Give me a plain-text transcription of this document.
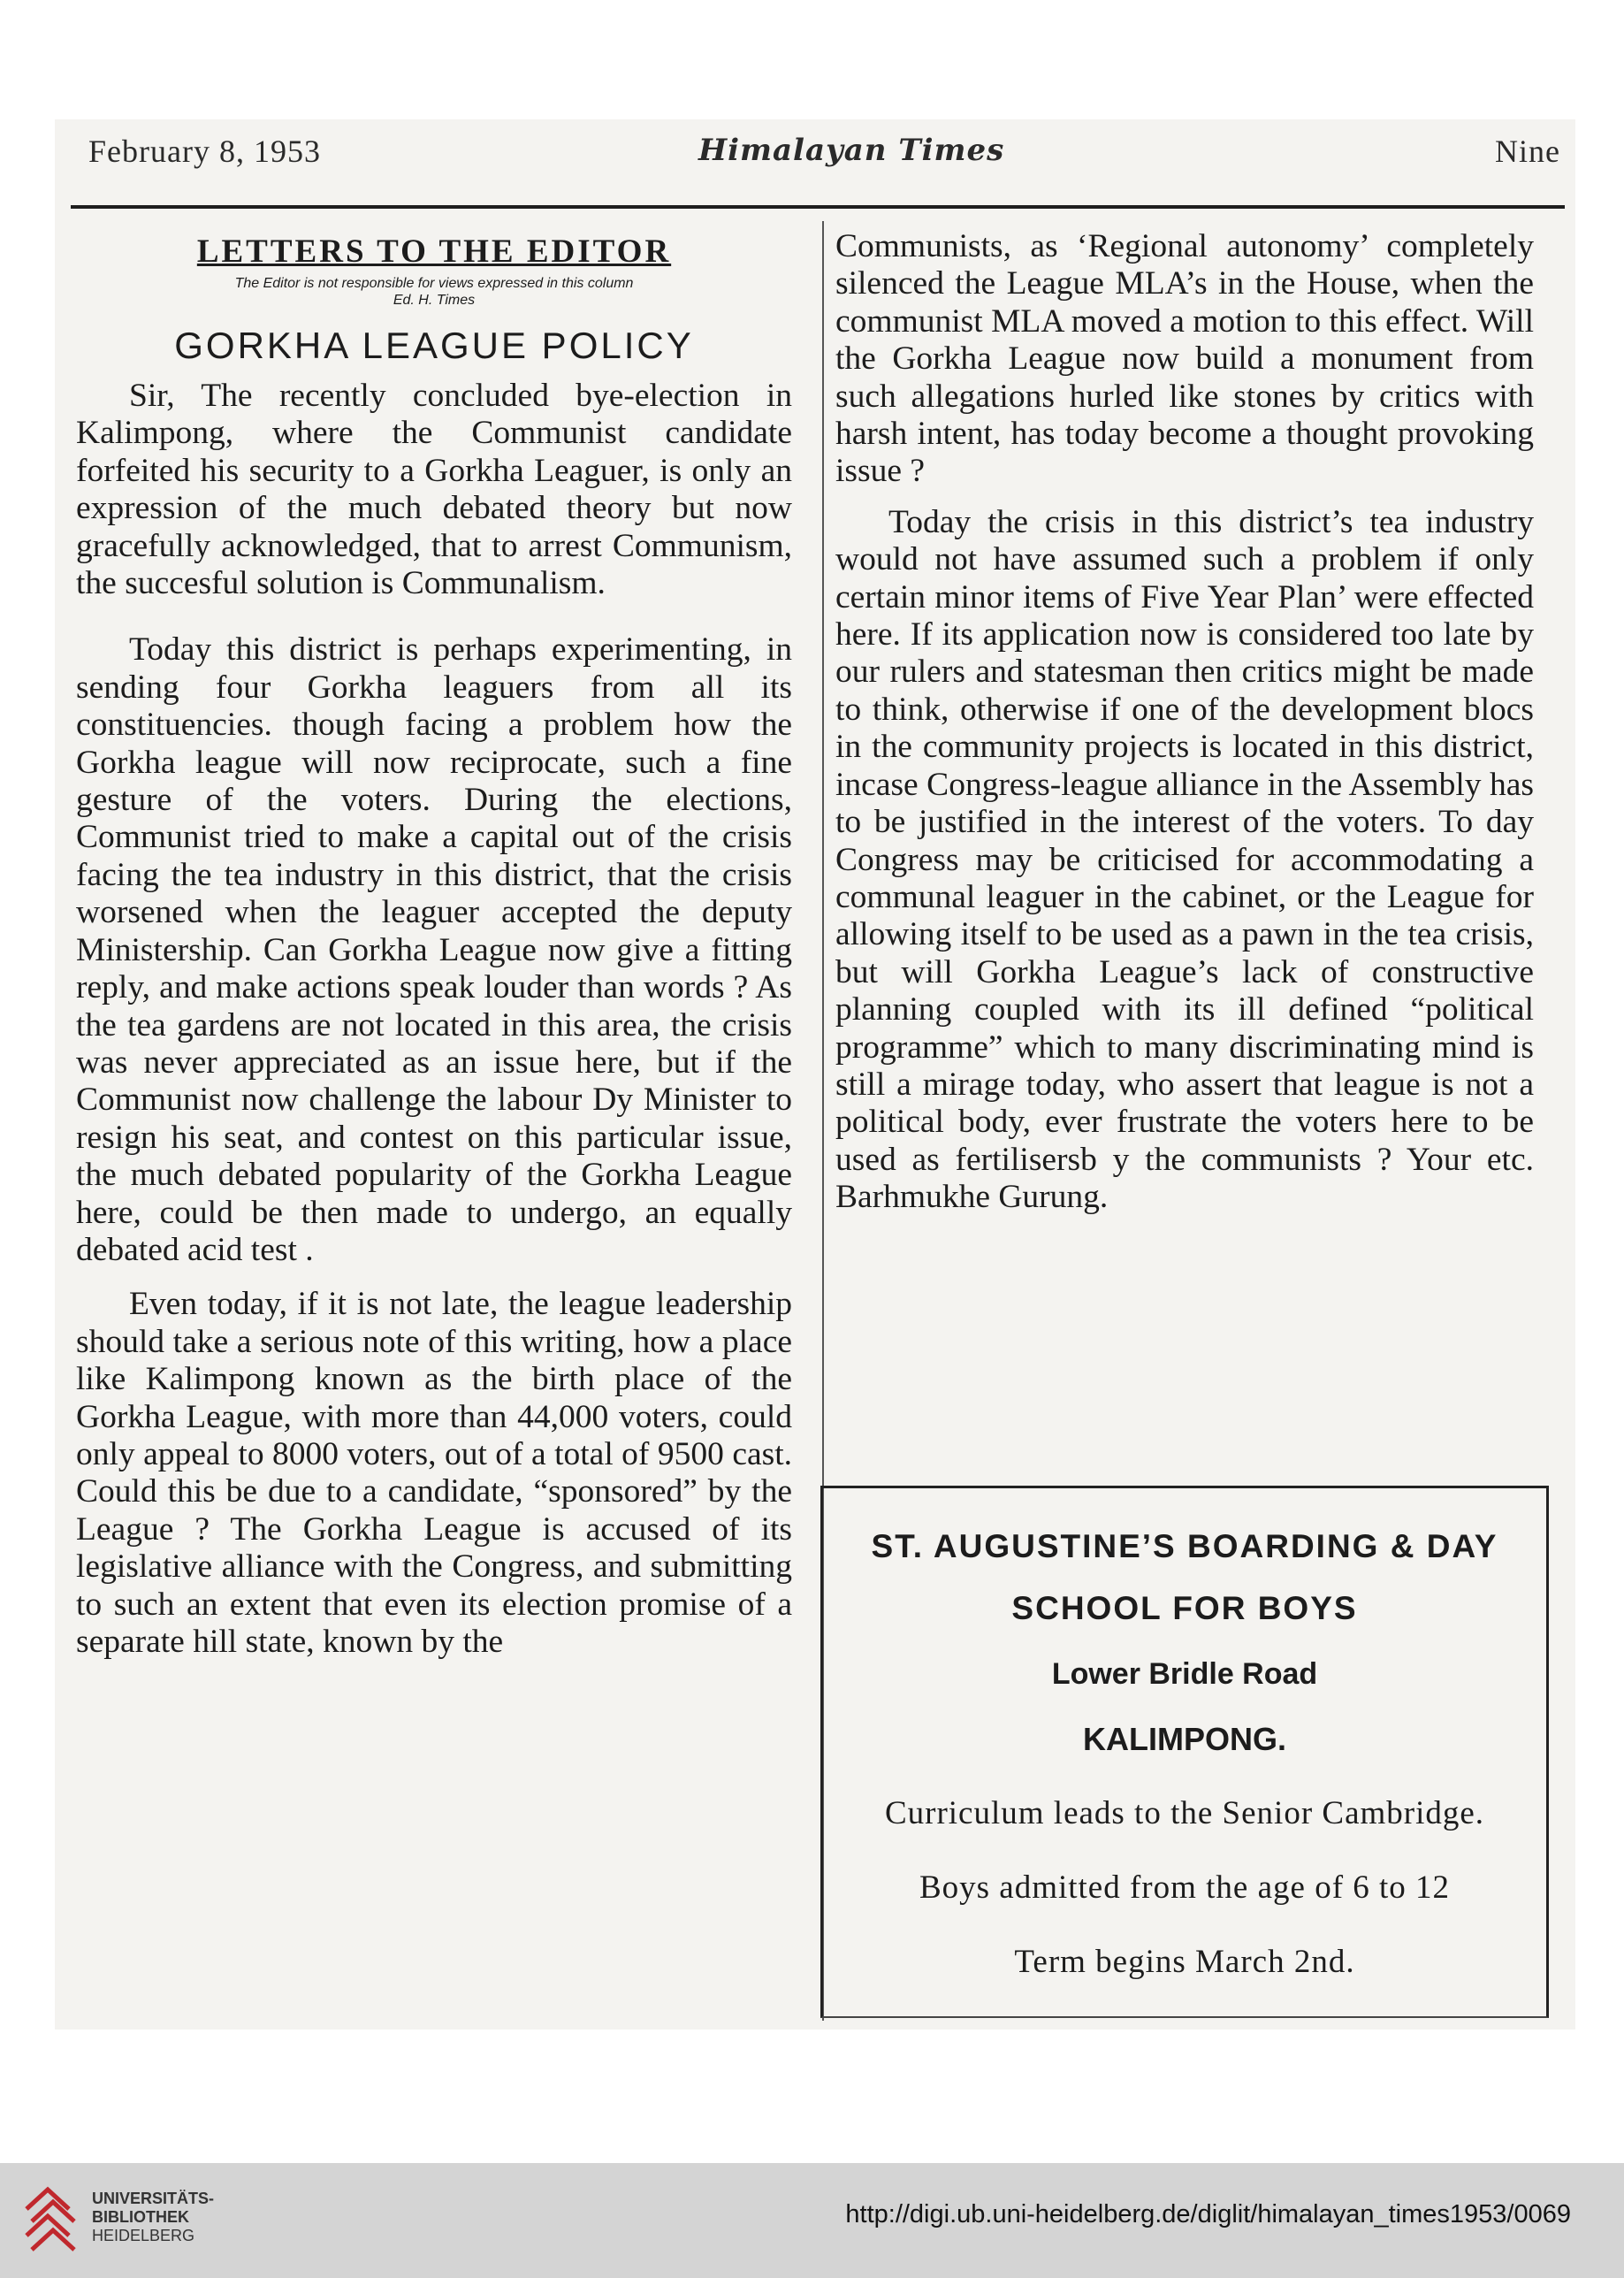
February 8, 1953	Himalayan Times	Nine
LETTERS TO THE EDITOR
The Editor is not responsible for views expressed in this column
Ed. H. Times
GORKHA LEAGUE POLICY

Sir, The recently concluded bye-election in Kalimpong, where the Communist candidate forfeited his security to a Gorkha Leaguer, is only an expression of the much debated theory but now gracefully acknowledged, that to arrest Communism, the succesful solution is Communalism.

Today this district is perhaps experimenting, in sending four Gorkha leaguers from all its constituencies. though facing a problem how the Gorkha league will now reciprocate, such a fine gesture of the voters. During the elections, Communist tried to make a capital out of the crisis facing the tea industry in this district, that the crisis worsened when the leaguer accepted the deputy Ministership. Can Gorkha League now give a fitting reply, and make actions speak louder than words ? As the tea gardens are not located in this area, the crisis was never appreciated as an issue here, but if the Communist now challenge the labour Dy Minister to resign his seat, and contest on this particular issue, the much debated popularity of the Gorkha League here, could be then made to undergo, an equally debated acid test .

Even today, if it is not late, the league leadership should take a serious note of this writing, how a place like Kalimpong known as the birth place of the Gorkha League, with more than 44,000 voters, could only appeal to 8000 voters, out of a total of 9500 cast. Could this be due to a candidate, “sponsored” by the League ? The Gorkha League is accused of its legislative alliance with the Congress, and submitting to such an extent that even its election promise of a separate hill state, known by the

Communists, as ‘Regional autonomy’ completely silenced the League MLA’s in the House, when the communist MLA moved a motion to this effect. Will the Gorkha League now build a monument from such allegations hurled like stones by critics with harsh intent, has today become a thought provoking issue ?

Today the crisis in this district’s tea industry would not have assumed such a problem if only certain minor items of Five Year Plan’ were effected here. If its application now is considered too late by our rulers and statesman then critics might be made to think, otherwise if one of the development blocs in the community projects is located in this district, incase Congress-league alliance in the Assembly has to be justified in the interest of the voters. To day Congress may be criticised for accommodating a communal leaguer in the cabinet, or the League for allowing itself to be used as a pawn in the tea crisis, but will Gorkha League’s lack of constructive planning coupled with its ill defined “political programme” which to many discriminating mind is still a mirage today, who assert that league is not a political body, ever frustrate the voters here to be used as fertilisersb y the communists ? Your etc. Barhmukhe Gurung.

ST. AUGUSTINE’S BOARDING & DAY
SCHOOL FOR BOYS
Lower Bridle Road
KALIMPONG.
Curriculum leads to the Senior Cambridge.
Boys admitted from the age of 6 to 12
Term begins March 2nd.
UNIVERSITÄTS-
BIBLIOTHEK
HEIDELBERG
http://digi.ub.uni-heidelberg.de/diglit/himalayan_times1953/0069
